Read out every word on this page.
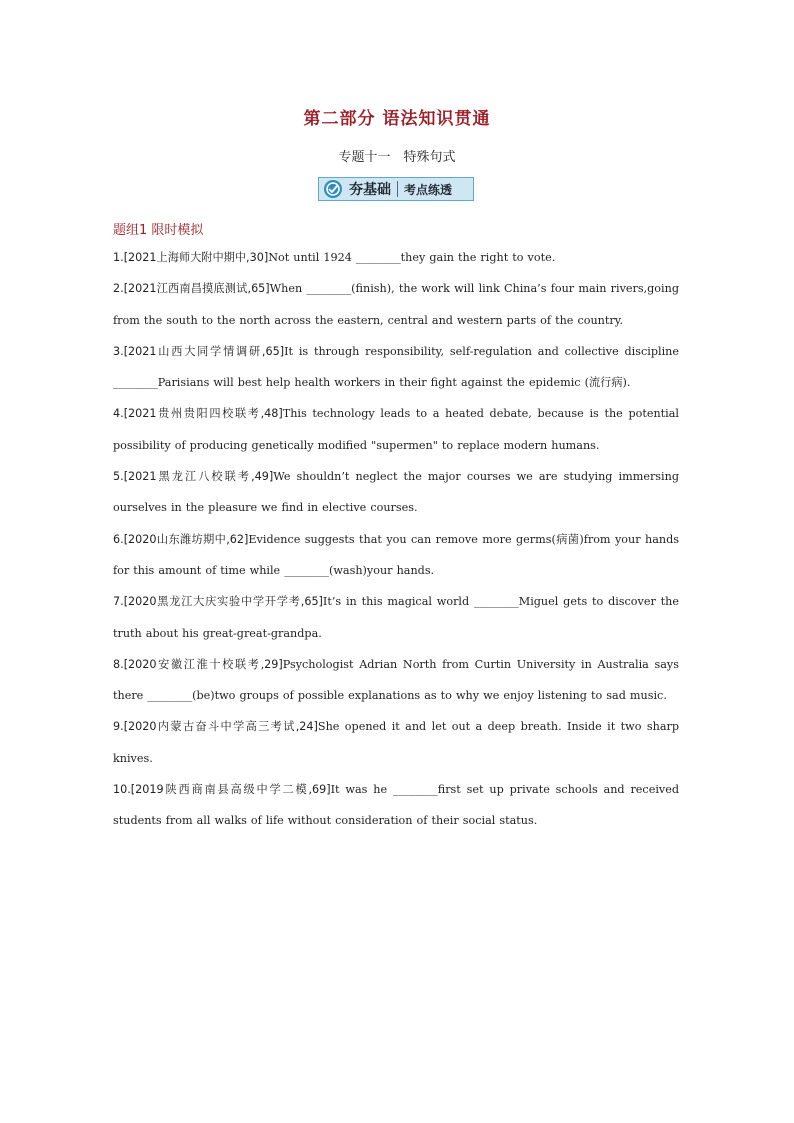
第二部分 语法知识贯通
专题十一　特殊句式
夯基础 考点练透
题组1 限时模拟
1.[2021上海师大附中期中,30]Not until 1924 ________they gain the right to vote.
2.[2021江西南昌摸底测试,65]When ________(finish), the work will link China’s four main rivers,going from the south to the north across the eastern, central and western parts of the country.
3.[2021山西大同学情调研,65]It is through responsibility, self-regulation and collective discipline ________Parisians will best help health workers in their fight against the epidemic (流行病).
4.[2021贵州贵阳四校联考,48]This technology leads to a heated debate, because is the potential possibility of producing genetically modified "supermen" to replace modern humans.
5.[2021黑龙江八校联考,49]We shouldn’t neglect the major courses we are studying immersing ourselves in the pleasure we find in elective courses.
6.[2020山东潍坊期中,62]Evidence suggests that you can remove more germs(病菌)from your hands for this amount of time while ________(wash)your hands.
7.[2020黑龙江大庆实验中学开学考,65]It’s in this magical world ________Miguel gets to discover the truth about his great-great-grandpa.
8.[2020安徽江淮十校联考,29]Psychologist Adrian North from Curtin University in Australia says there ________(be)two groups of possible explanations as to why we enjoy listening to sad music.
9.[2020内蒙古奋斗中学高三考试,24]She opened it and let out a deep breath. Inside it two sharp knives.
10.[2019陕西商南县高级中学二模,69]It was he ________first set up private schools and received students from all walks of life without consideration of their social status.
